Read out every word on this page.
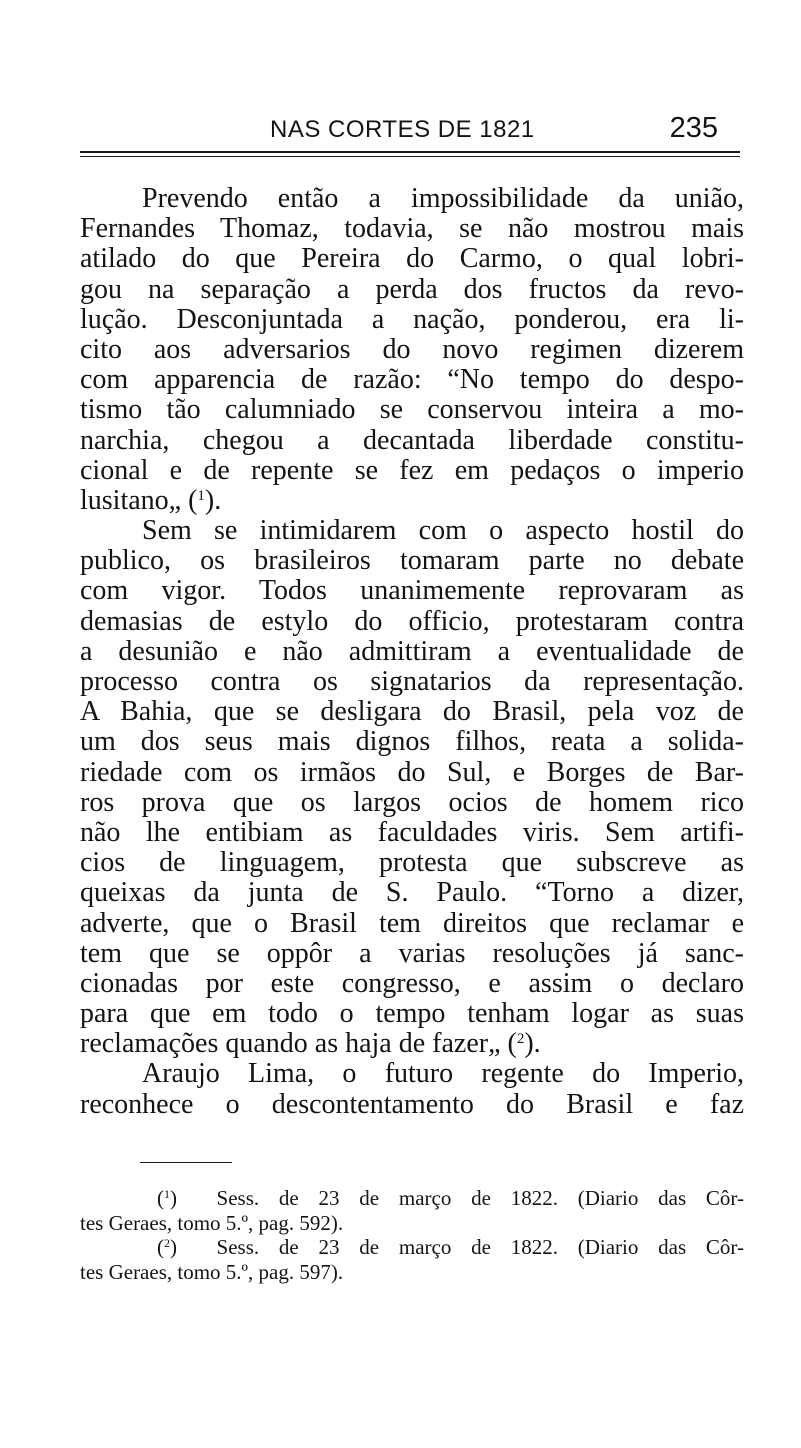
NAS CORTES DE 1821	235
Prevendo então a impossibilidade da união,
Fernandes Thomaz, todavia, se não mostrou mais
atilado do que Pereira do Carmo, o qual lobri-
gou na separação a perda dos fructos da revo-
lução. Desconjuntada a nação, ponderou, era li-
cito aos adversarios do novo regimen dizerem
com apparencia de razão: “No tempo do despo-
tismo tão calumniado se conservou inteira a mo-
narchia, chegou a decantada liberdade constitu-
cional e de repente se fez em pedaços o imperio
lusitano„ ($^1$).
Sem se intimidarem com o aspecto hostil do
publico, os brasileiros tomaram parte no debate
com vigor. Todos unanimemente reprovaram as
demasias de estylo do officio, protestaram contra
a desunião e não admittiram a eventualidade de
processo contra os signatarios da representação.
A Bahia, que se desligara do Brasil, pela voz de
um dos seus mais dignos filhos, reata a solida-
riedade com os irmãos do Sul, e Borges de Bar-
ros prova que os largos ocios de homem rico
não lhe entibiam as faculdades viris. Sem artifi-
cios de linguagem, protesta que subscreve as
queixas da junta de S. Paulo. “Torno a dizer,
adverte, que o Brasil tem direitos que reclamar e
tem que se oppôr a varias resoluções já sanc-
cionadas por este congresso, e assim o declaro
para que em todo o tempo tenham logar as suas
reclamações quando as haja de fazer„ ($^2$).
Araujo Lima, o futuro regente do Imperio,
reconhece o descontentamento do Brasil e faz
($^1$)  Sess. de 23 de março de 1822. (Diario das Côr-
tes Geraes, tomo 5.º, pag. 592).
($^2$)  Sess. de 23 de março de 1822. (Diario das Côr-
tes Geraes, tomo 5.º, pag. 597).
